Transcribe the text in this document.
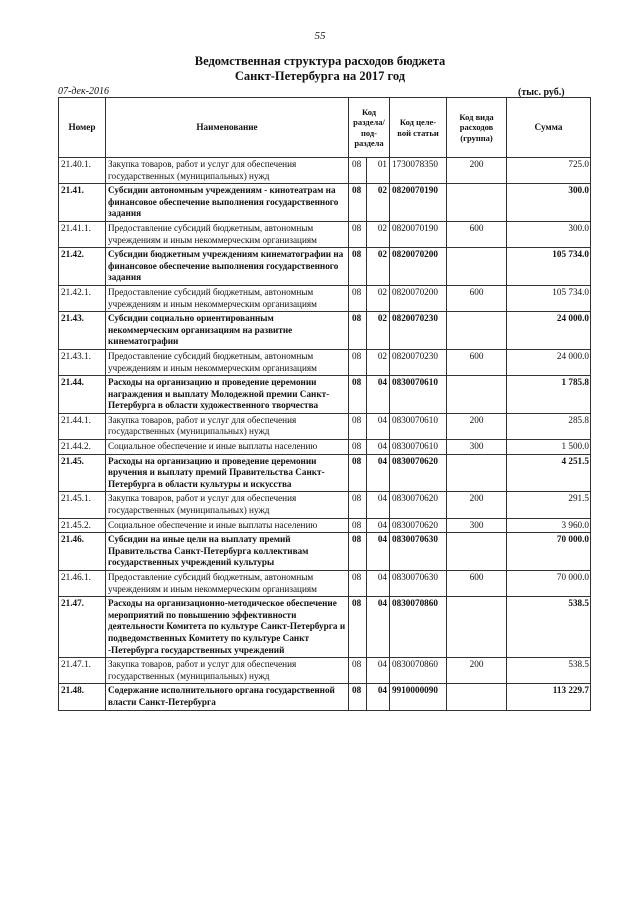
55
Ведомственная структура расходов бюджета
Санкт-Петербурга на 2017 год
07-дек-2016	(тыс. руб.)
Номер	Наименование	Код раздела/ под- раздела		Код целе- вой статьи	Код вида расходов (группа)	Сумма
21.40.1.	Закупка товаров, работ и услуг для обеспечения государственных (муниципальных) нужд	08	01	1730078350	200	725.0
21.41.	Субсидии автономным учреждениям - кинотеатрам на финансовое обеспечение выполнения государственного задания	08	02	0820070190		300.0
21.41.1.	Предоставление субсидий бюджетным, автономным учреждениям и иным некоммерческим организациям	08	02	0820070190	600	300.0
21.42.	Субсидии бюджетным учреждениям кинематографии на финансовое обеспечение выполнения государственного задания	08	02	0820070200		105 734.0
21.42.1.	Предоставление субсидий бюджетным, автономным учреждениям и иным некоммерческим организациям	08	02	0820070200	600	105 734.0
21.43.	Субсидии социально ориентированным некоммерческим организациям на развитие кинематографии	08	02	0820070230		24 000.0
21.43.1.	Предоставление субсидий бюджетным, автономным учреждениям и иным некоммерческим организациям	08	02	0820070230	600	24 000.0
21.44.	Расходы на организацию и проведение церемонии награждения и выплату Молодежной премии Санкт-Петербурга в области художественного творчества	08	04	0830070610		1 785.8
21.44.1.	Закупка товаров, работ и услуг для обеспечения государственных (муниципальных) нужд	08	04	0830070610	200	285.8
21.44.2.	Социальное обеспечение и иные выплаты населению	08	04	0830070610	300	1 500.0
21.45.	Расходы на организацию и проведение церемонии вручения и выплату премий Правительства Санкт-Петербурга в области культуры и искусства	08	04	0830070620		4 251.5
21.45.1.	Закупка товаров, работ и услуг для обеспечения государственных (муниципальных) нужд	08	04	0830070620	200	291.5
21.45.2.	Социальное обеспечение и иные выплаты населению	08	04	0830070620	300	3 960.0
21.46.	Субсидии на иные цели на выплату премий Правительства Санкт-Петербурга коллективам государственных учреждений культуры	08	04	0830070630		70 000.0
21.46.1.	Предоставление субсидий бюджетным, автономным учреждениям и иным некоммерческим организациям	08	04	0830070630	600	70 000.0
21.47.	Расходы на организационно-методическое обеспечение мероприятий по повышению эффективности деятельности Комитета по культуре Санкт-Петербурга и подведомственных Комитету по культуре Санкт -Петербурга государственных учреждений	08	04	0830070860		538.5
21.47.1.	Закупка товаров, работ и услуг для обеспечения государственных (муниципальных) нужд	08	04	0830070860	200	538.5
21.48.	Содержание исполнительного органа государственной власти Санкт-Петербурга	08	04	9910000090		113 229.7
